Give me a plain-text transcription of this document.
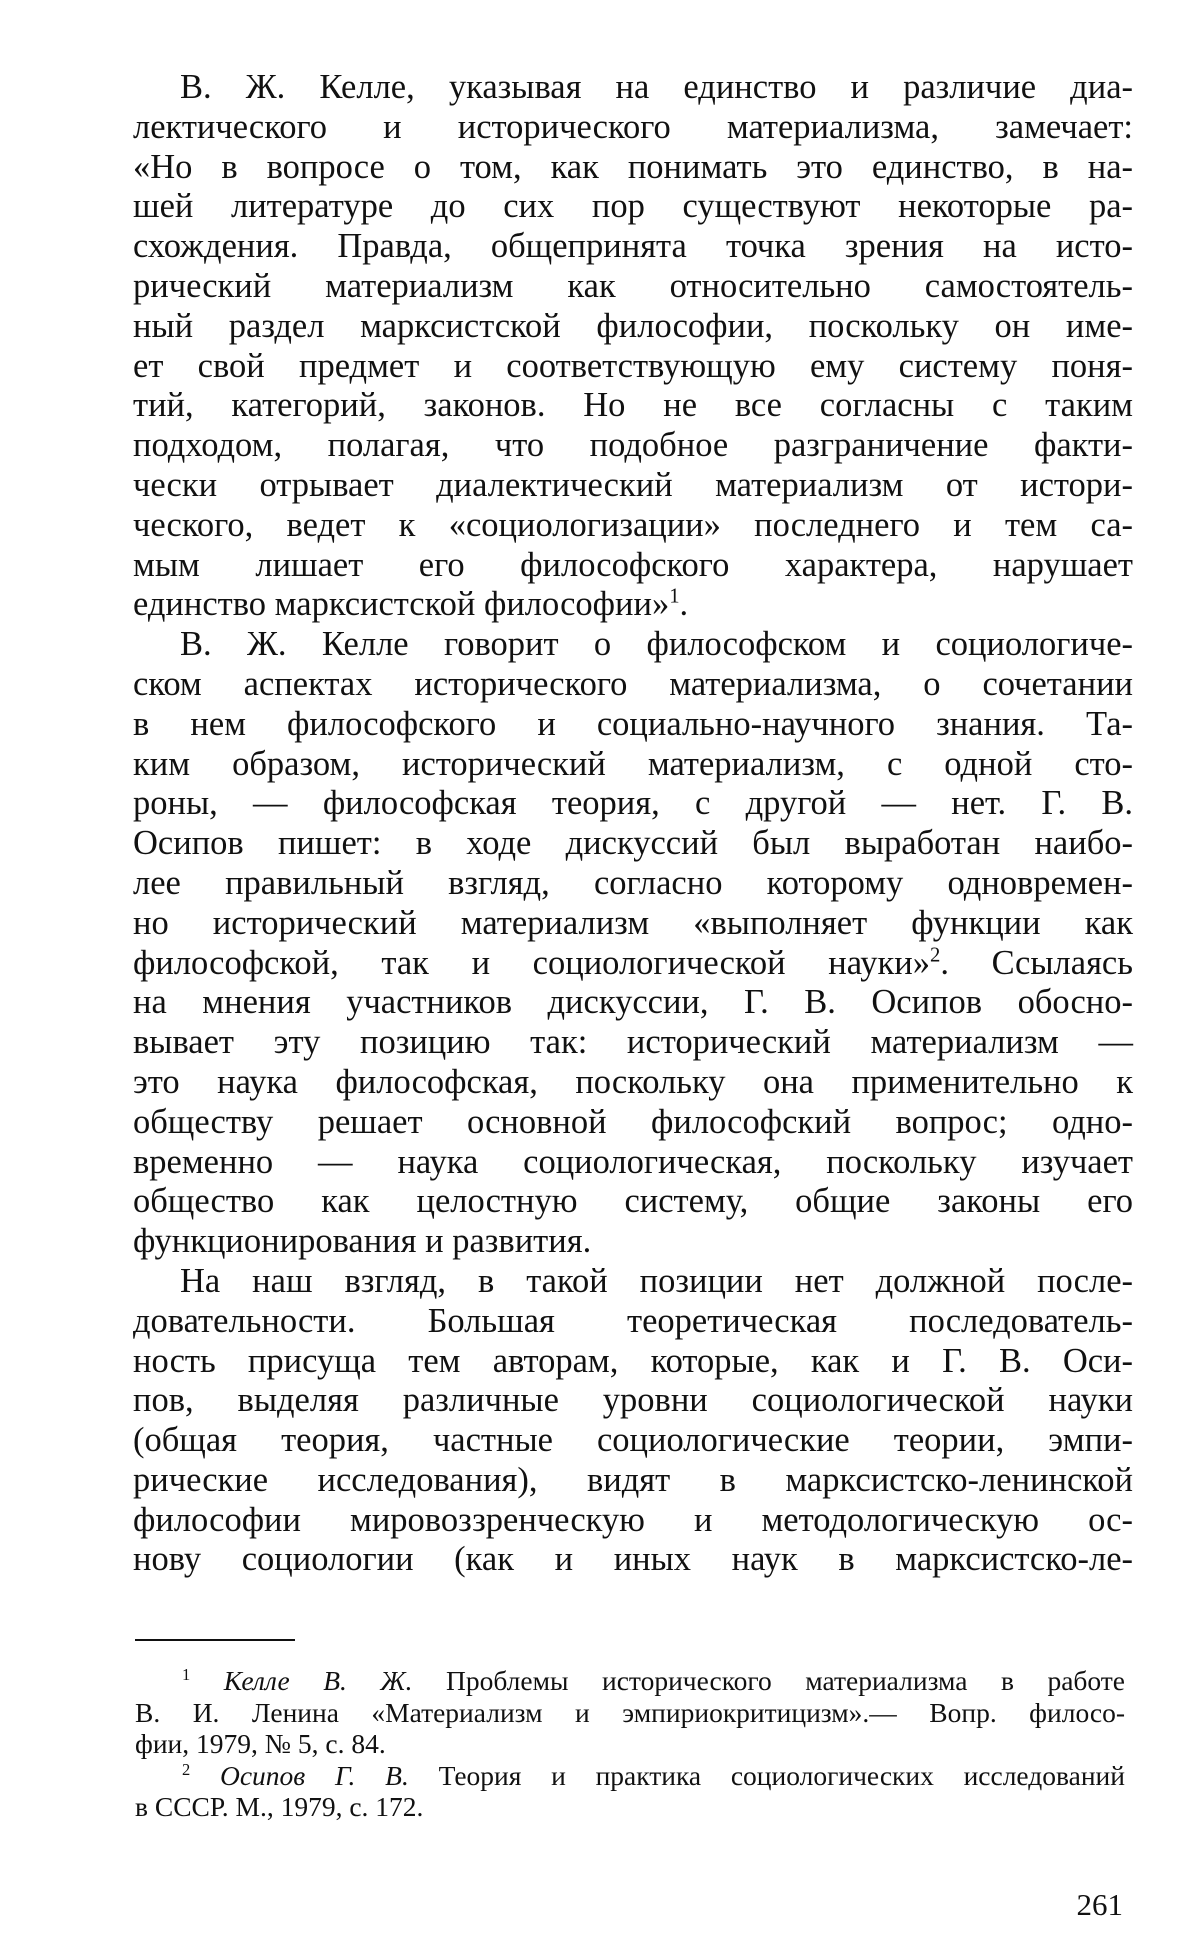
В. Ж. Келле, указывая на единство и различие диа-
лектического и исторического материализма, замечает:
«Но в вопросе о том, как понимать это единство, в на-
шей литературе до сих пор существуют некоторые ра-
схождения. Правда, общепринята точка зрения на исто-
рический материализм как относительно самостоятель-
ный раздел марксистской философии, поскольку он име-
ет свой предмет и соответствующую ему систему поня-
тий, категорий, законов. Но не все согласны с таким
подходом, полагая, что подобное разграничение факти-
чески отрывает диалектический материализм от истори-
ческого, ведет к «социологизации» последнего и тем са-
мым лишает его философского характера, нарушает
единство марксистской философии»$^1$.

В. Ж. Келле говорит о философском и социологиче-
ском аспектах исторического материализма, о сочетании
в нем философского и социально-научного знания. Та-
ким образом, исторический материализм, с одной сто-
роны, — философская теория, с другой — нет. Г. В.
Осипов пишет: в ходе дискуссий был выработан наибо-
лее правильный взгляд, согласно которому одновремен-
но исторический материализм «выполняет функции как
философской, так и социологической науки»$^2$. Ссылаясь
на мнения участников дискуссии, Г. В. Осипов обосно-
вывает эту позицию так: исторический материализм —
это наука философская, поскольку она применительно к
обществу решает основной философский вопрос; одно-
временно — наука социологическая, поскольку изучает
общество как целостную систему, общие законы его
функционирования и развития.

На наш взгляд, в такой позиции нет должной после-
довательности. Большая теоретическая последователь-
ность присуща тем авторам, которые, как и Г. В. Оси-
пов, выделяя различные уровни социологической науки
(общая теория, частные социологические теории, эмпи-
рические исследования), видят в марксистско-ленинской
философии мировоззренческую и методологическую ос-
нову социологии (как и иных наук в марксистско-ле-

$^1$ Келле В. Ж. Проблемы исторического материализма в работе
В. И. Ленина «Материализм и эмпириокритицизм».— Вопр. филосо-
фии, 1979, № 5, с. 84.
$^2$ Осипов Г. В. Теория и практика социологических исследований
в СССР. М., 1979, с. 172.
261
